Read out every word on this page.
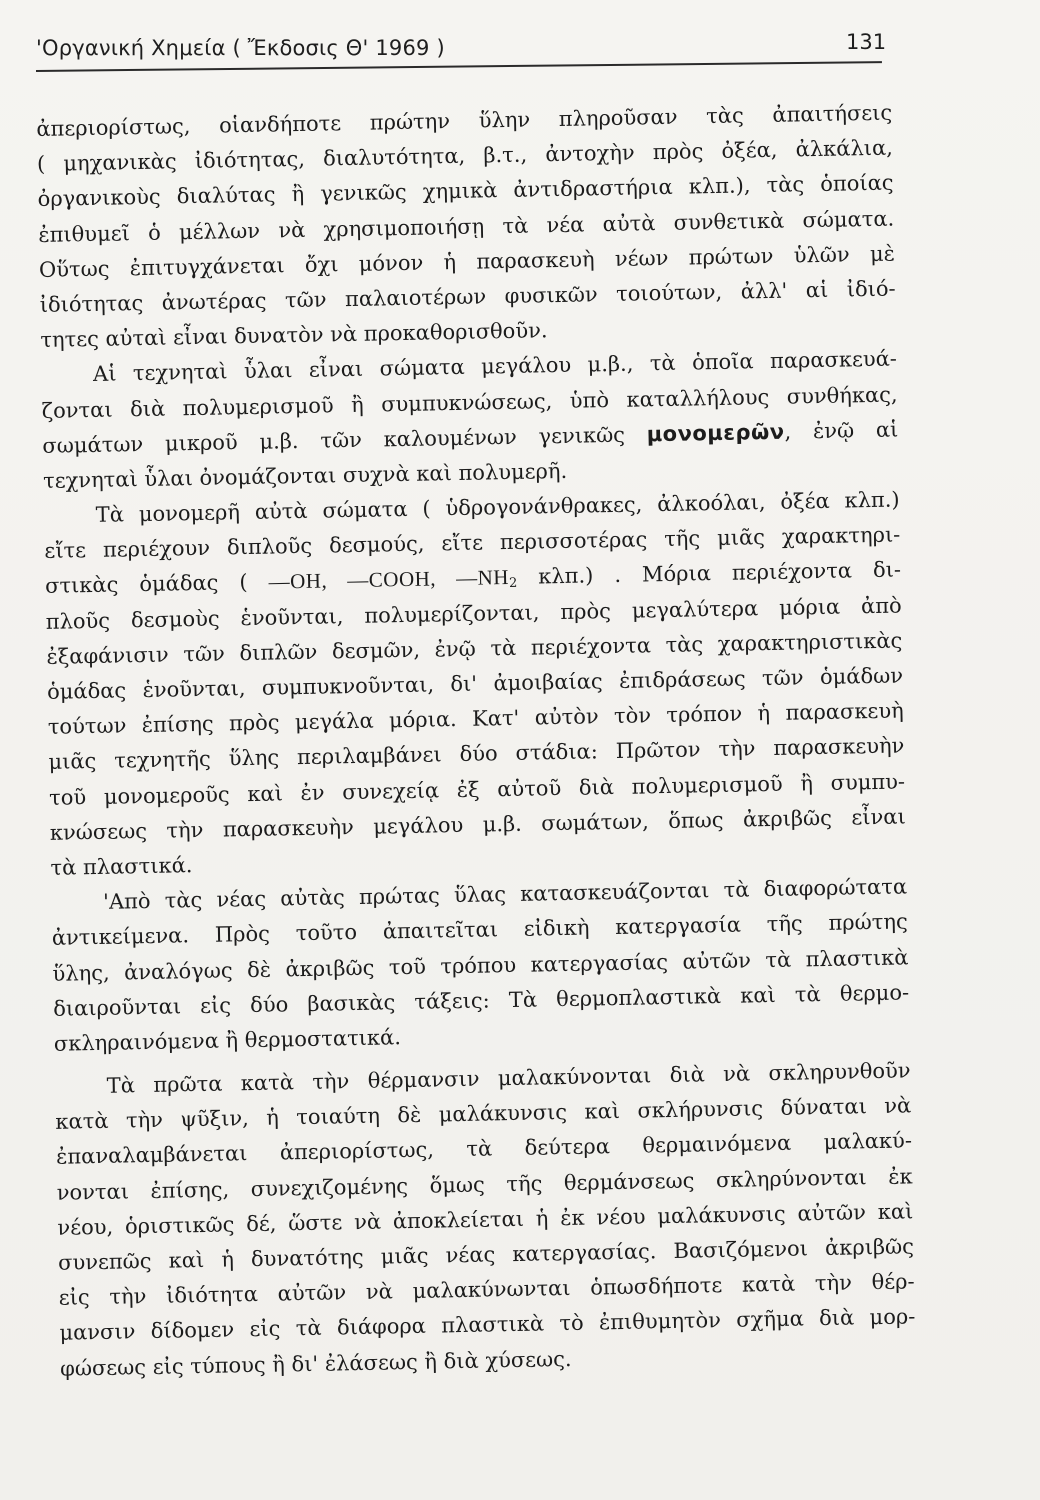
'Οργανική Χημεία ( Ἔκδοσις Θ' 1969 )	131
ἀπεριορίστως, οἱανδήποτε πρώτην ὕλην πληροῦσαν τὰς ἀπαιτήσεις
( μηχανικὰς ἰδιότητας, διαλυτότητα, β.τ., ἀντοχὴν πρὸς ὀξέα, ἀλκάλια,
ὀργανικοὺς διαλύτας ἢ γενικῶς χημικὰ ἀντιδραστήρια κλπ.), τὰς ὁποίας
ἐπιθυμεῖ ὁ μέλλων νὰ χρησιμοποιήσῃ τὰ νέα αὐτὰ συνθετικὰ σώματα.
Οὕτως ἐπιτυγχάνεται ὄχι μόνον ἡ παρασκευὴ νέων πρώτων ὑλῶν μὲ
ἰδιότητας ἀνωτέρας τῶν παλαιοτέρων φυσικῶν τοιούτων, ἀλλ' αἱ ἰδιό-
τητες αὐταὶ εἶναι δυνατὸν νὰ προκαθορισθοῦν.
Αἱ τεχνηταὶ ὗλαι εἶναι σώματα μεγάλου μ.β., τὰ ὁποῖα παρασκευά-
ζονται διὰ πολυμερισμοῦ ἢ συμπυκνώσεως, ὑπὸ καταλλήλους συνθήκας,
σωμάτων μικροῦ μ.β. τῶν καλουμένων γενικῶς μονομερῶν, ἐνῷ αἱ
τεχνηταὶ ὗλαι ὀνομάζονται συχνὰ καὶ πολυμερῆ.
Τὰ μονομερῆ αὐτὰ σώματα ( ὑδρογονάνθρακες, ἀλκοόλαι, ὀξέα κλπ.)
εἴτε περιέχουν διπλοῦς δεσμούς, εἴτε περισσοτέρας τῆς μιᾶς χαρακτηρι-
στικὰς ὁμάδας ( —OH, —COOH, $—NH_2$ κλπ.) . Μόρια περιέχοντα δι-
πλοῦς δεσμοὺς ἑνοῦνται, πολυμερίζονται, πρὸς μεγαλύτερα μόρια ἀπὸ
ἐξαφάνισιν τῶν διπλῶν δεσμῶν, ἐνῷ τὰ περιέχοντα τὰς χαρακτηριστικὰς
ὁμάδας ἑνοῦνται, συμπυκνοῦνται, δι' ἀμοιβαίας ἐπιδράσεως τῶν ὁμάδων
τούτων ἐπίσης πρὸς μεγάλα μόρια. Κατ' αὐτὸν τὸν τρόπον ἡ παρασκευὴ
μιᾶς τεχνητῆς ὕλης περιλαμβάνει δύο στάδια: Πρῶτον τὴν παρασκευὴν
τοῦ μονομεροῦς καὶ ἐν συνεχείᾳ ἐξ αὐτοῦ διὰ πολυμερισμοῦ ἢ συμπυ-
κνώσεως τὴν παρασκευὴν μεγάλου μ.β. σωμάτων, ὅπως ἀκριβῶς εἶναι
τὰ πλαστικά.
'Απὸ τὰς νέας αὐτὰς πρώτας ὕλας κατασκευάζονται τὰ διαφορώτατα
ἀντικείμενα. Πρὸς τοῦτο ἀπαιτεῖται εἰδικὴ κατεργασία τῆς πρώτης
ὕλης, ἀναλόγως δὲ ἀκριβῶς τοῦ τρόπου κατεργασίας αὐτῶν τὰ πλαστικὰ
διαιροῦνται εἰς δύο βασικὰς τάξεις: Τὰ θερμοπλαστικὰ καὶ τὰ θερμο-
σκληραινόμενα ἢ θερμοστατικά.
Τὰ πρῶτα κατὰ τὴν θέρμανσιν μαλακύνονται διὰ νὰ σκληρυνθοῦν
κατὰ τὴν ψῦξιν, ἡ τοιαύτη δὲ μαλάκυνσις καὶ σκλήρυνσις δύναται νὰ
ἐπαναλαμβάνεται ἀπεριορίστως, τὰ δεύτερα θερμαινόμενα μαλακύ-
νονται ἐπίσης, συνεχιζομένης ὅμως τῆς θερμάνσεως σκληρύνονται ἐκ
νέου, ὁριστικῶς δέ, ὥστε νὰ ἀποκλείεται ἡ ἐκ νέου μαλάκυνσις αὐτῶν καὶ
συνεπῶς καὶ ἡ δυνατότης μιᾶς νέας κατεργασίας. Βασιζόμενοι ἀκριβῶς
εἰς τὴν ἰδιότητα αὐτῶν νὰ μαλακύνωνται ὁπωσδήποτε κατὰ τὴν θέρ-
μανσιν δίδομεν εἰς τὰ διάφορα πλαστικὰ τὸ ἐπιθυμητὸν σχῆμα διὰ μορ-
φώσεως εἰς τύπους ἢ δι' ἐλάσεως ἢ διὰ χύσεως.
